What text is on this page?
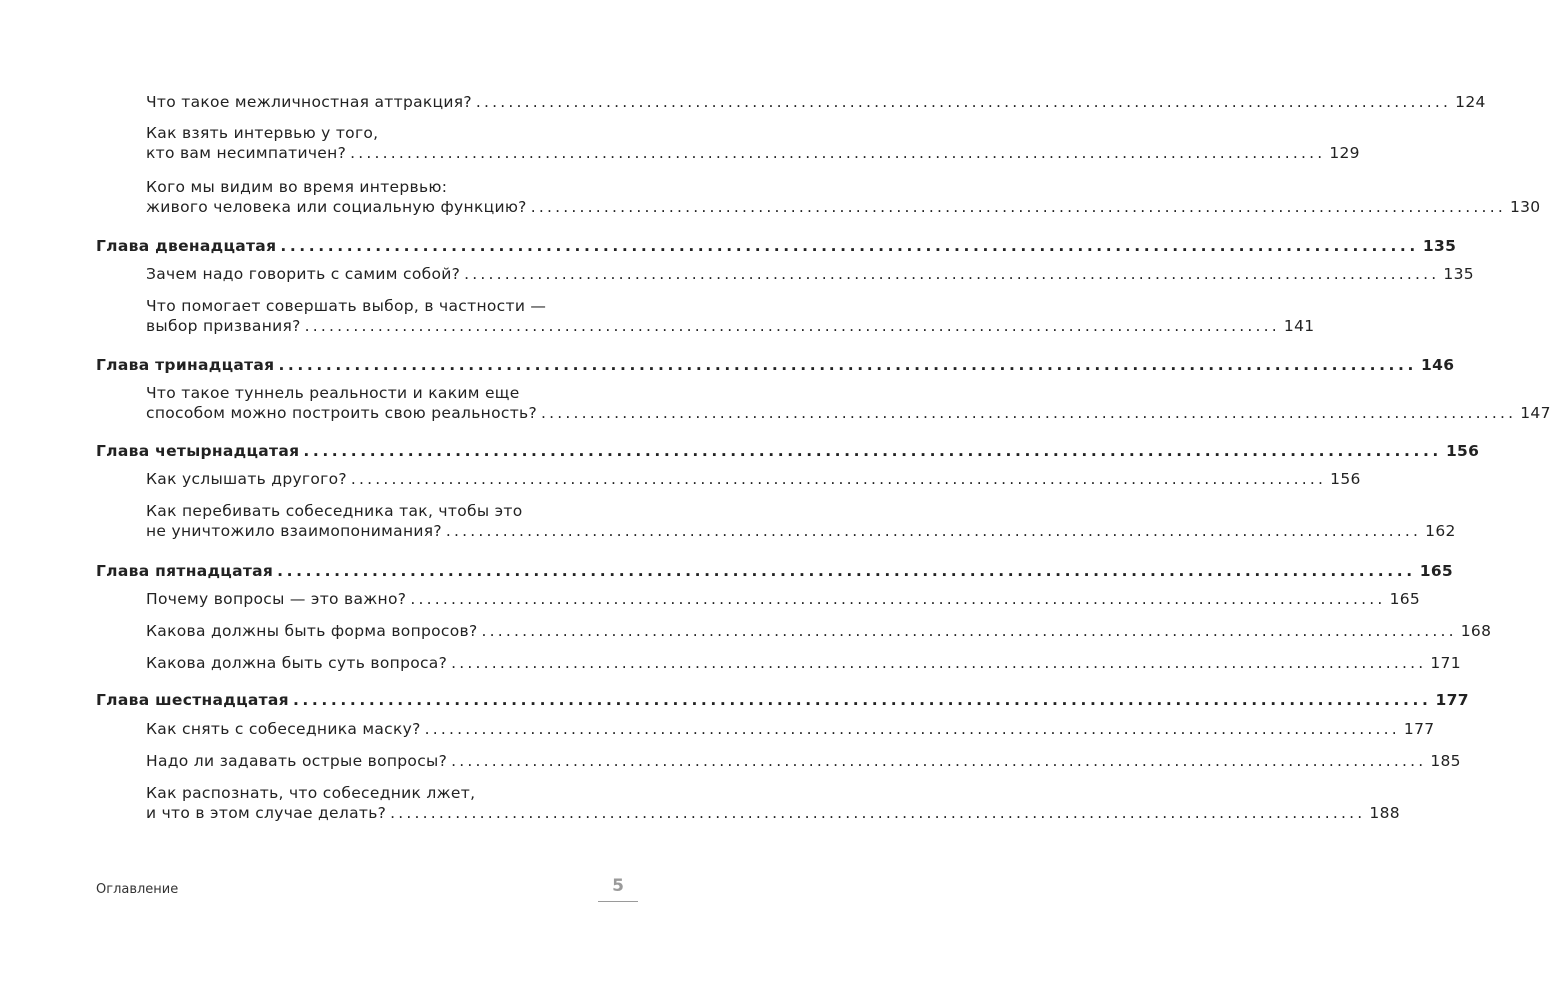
Что такое межличностная аттракция? ........................................................................................................................ 124
Как взять интервью у того,
кто вам несимпатичен? ........................................................................................................................ 129
Кого мы видим во время интервью:
живого человека или социальную функцию? ........................................................................................................................ 130
Глава двенадцатая ........................................................................................................................ 135
Зачем надо говорить с самим собой? ........................................................................................................................ 135
Что помогает совершать выбор, в частности —
выбор призвания? ........................................................................................................................ 141
Глава тринадцатая ........................................................................................................................ 146
Что такое туннель реальности и каким еще
способом можно построить свою реальность? ........................................................................................................................ 147
Глава четырнадцатая ........................................................................................................................ 156
Как услышать другого? ........................................................................................................................ 156
Как перебивать собеседника так, чтобы это
не уничтожило взаимопонимания? ........................................................................................................................ 162
Глава пятнадцатая ........................................................................................................................ 165
Почему вопросы — это важно? ........................................................................................................................ 165
Какова должны быть форма вопросов? ........................................................................................................................ 168
Какова должна быть суть вопроса? ........................................................................................................................ 171
Глава шестнадцатая ........................................................................................................................ 177
Как снять с собеседника маску? ........................................................................................................................ 177
Надо ли задавать острые вопросы? ........................................................................................................................ 185
Как распознать, что собеседник лжет,
и что в этом случае делать? ........................................................................................................................ 188
Оглавление	5
